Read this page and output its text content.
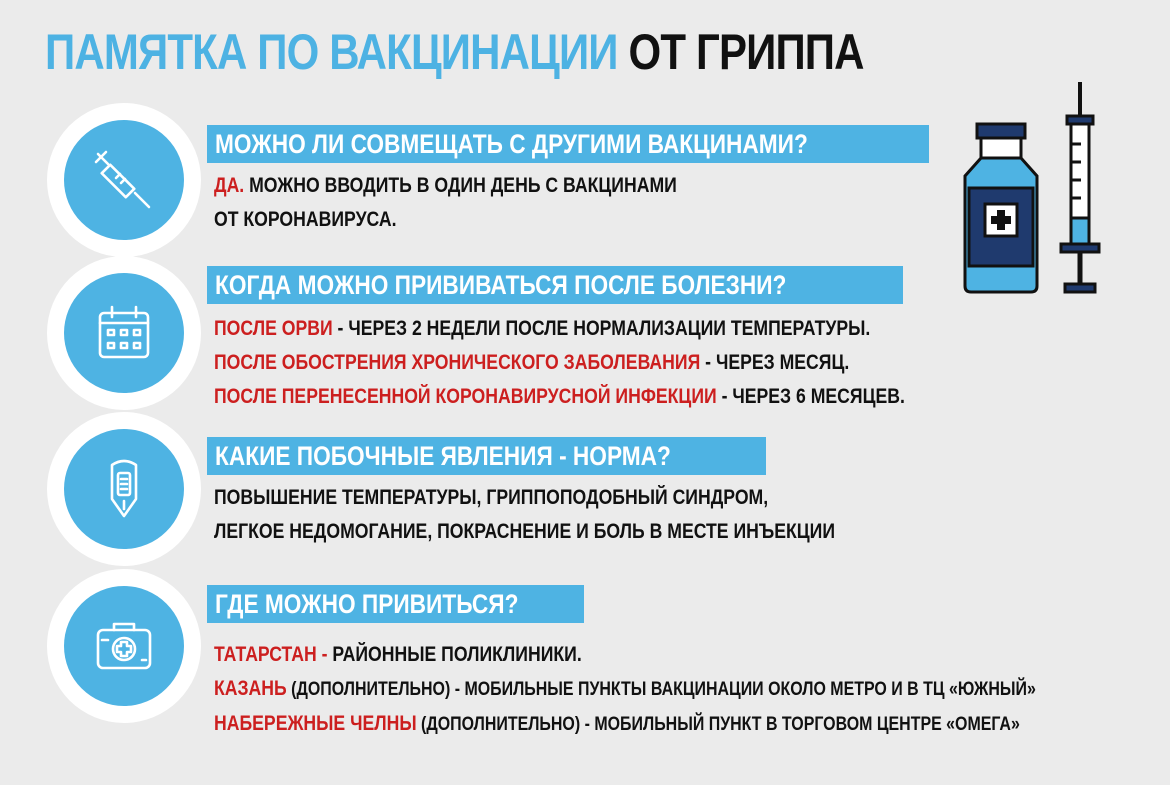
ПАМЯТКА ПО ВАКЦИНАЦИИ ОТ ГРИППА
МОЖНО ЛИ СОВМЕЩАТЬ С ДРУГИМИ ВАКЦИНАМИ?
ДА. МОЖНО ВВОДИТЬ В ОДИН ДЕНЬ С ВАКЦИНАМИ
ОТ КОРОНАВИРУСА.
КОГДА МОЖНО ПРИВИВАТЬСЯ ПОСЛЕ БОЛЕЗНИ?
ПОСЛЕ ОРВИ - ЧЕРЕЗ 2 НЕДЕЛИ ПОСЛЕ НОРМАЛИЗАЦИИ ТЕМПЕРАТУРЫ.
ПОСЛЕ ОБОСТРЕНИЯ ХРОНИЧЕСКОГО ЗАБОЛЕВАНИЯ - ЧЕРЕЗ МЕСЯЦ.
ПОСЛЕ ПЕРЕНЕСЕННОЙ КОРОНАВИРУСНОЙ ИНФЕКЦИИ - ЧЕРЕЗ 6 МЕСЯЦЕВ.
КАКИЕ ПОБОЧНЫЕ ЯВЛЕНИЯ - НОРМА?
ПОВЫШЕНИЕ ТЕМПЕРАТУРЫ, ГРИППОПОДОБНЫЙ СИНДРОМ,
ЛЕГКОЕ НЕДОМОГАНИЕ, ПОКРАСНЕНИЕ И БОЛЬ В МЕСТЕ ИНЪЕКЦИИ
ГДЕ МОЖНО ПРИВИТЬСЯ?
ТАТАРСТАН - РАЙОННЫЕ ПОЛИКЛИНИКИ.
КАЗАНЬ (ДОПОЛНИТЕЛЬНО) - МОБИЛЬНЫЕ ПУНКТЫ ВАКЦИНАЦИИ ОКОЛО МЕТРО И В ТЦ «ЮЖНЫЙ»
НАБЕРЕЖНЫЕ ЧЕЛНЫ (ДОПОЛНИТЕЛЬНО) - МОБИЛЬНЫЙ ПУНКТ В ТОРГОВОМ ЦЕНТРЕ «ОМЕГА»
